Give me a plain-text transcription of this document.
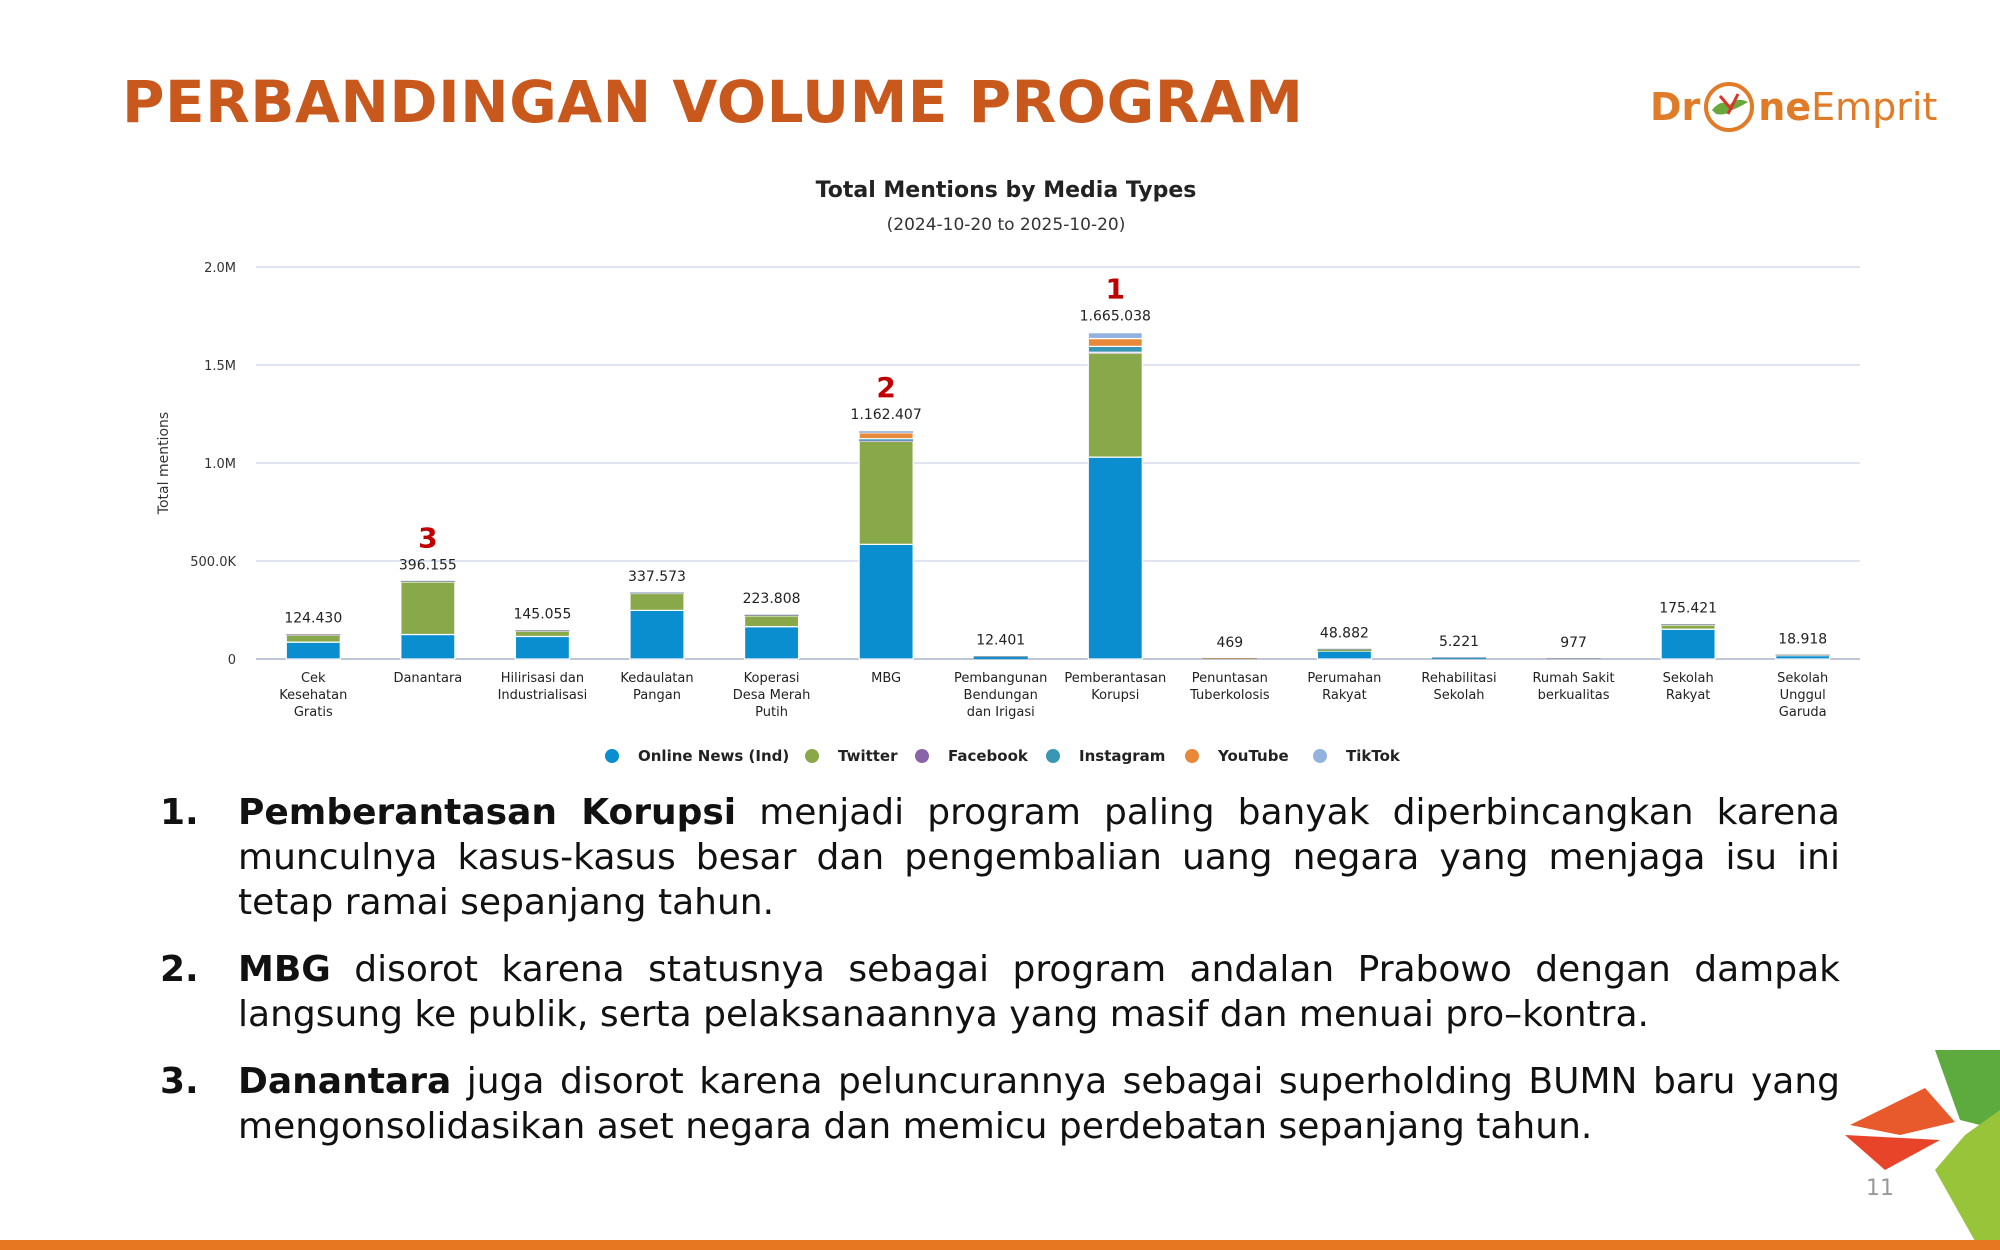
PERBANDINGAN VOLUME PROGRAM	Dr ne Emprit
Total Mentions by Media Types
(2024-10-20 to 2025-10-20)
Total mentions
0
500.0K
1.0M
1.5M
2.0M
124.430
Cek Kesehatan Gratis
396.155
Danantara
145.055
Hilirisasi dan Industrialisasi
337.573
Kedaulatan Pangan
223.808
Koperasi Desa Merah Putih
1.162.407
MBG
12.401
Pembangunan Bendungan dan Irigasi
1.665.038
Pemberantasan Korupsi
469
Penuntasan Tuberkolosis
48.882
Perumahan Rakyat
5.221
Rehabilitasi Sekolah
977
Rumah Sakit berkualitas
175.421
Sekolah Rakyat
18.918
Sekolah Unggul Garuda
1
2
3
Online News (Ind)	Twitter	Facebook	Instagram	YouTube	TikTok
1. Pemberantasan Korupsi menjadi program paling banyak diperbincangkan karena munculnya kasus-kasus besar dan pengembalian uang negara yang menjaga isu ini tetap ramai sepanjang tahun.
2. MBG disorot karena statusnya sebagai program andalan Prabowo dengan dampak langsung ke publik, serta pelaksanaannya yang masif dan menuai pro–kontra.
3. Danantara juga disorot karena peluncurannya sebagai superholding BUMN baru yang mengonsolidasikan aset negara dan memicu perdebatan sepanjang tahun.
11
